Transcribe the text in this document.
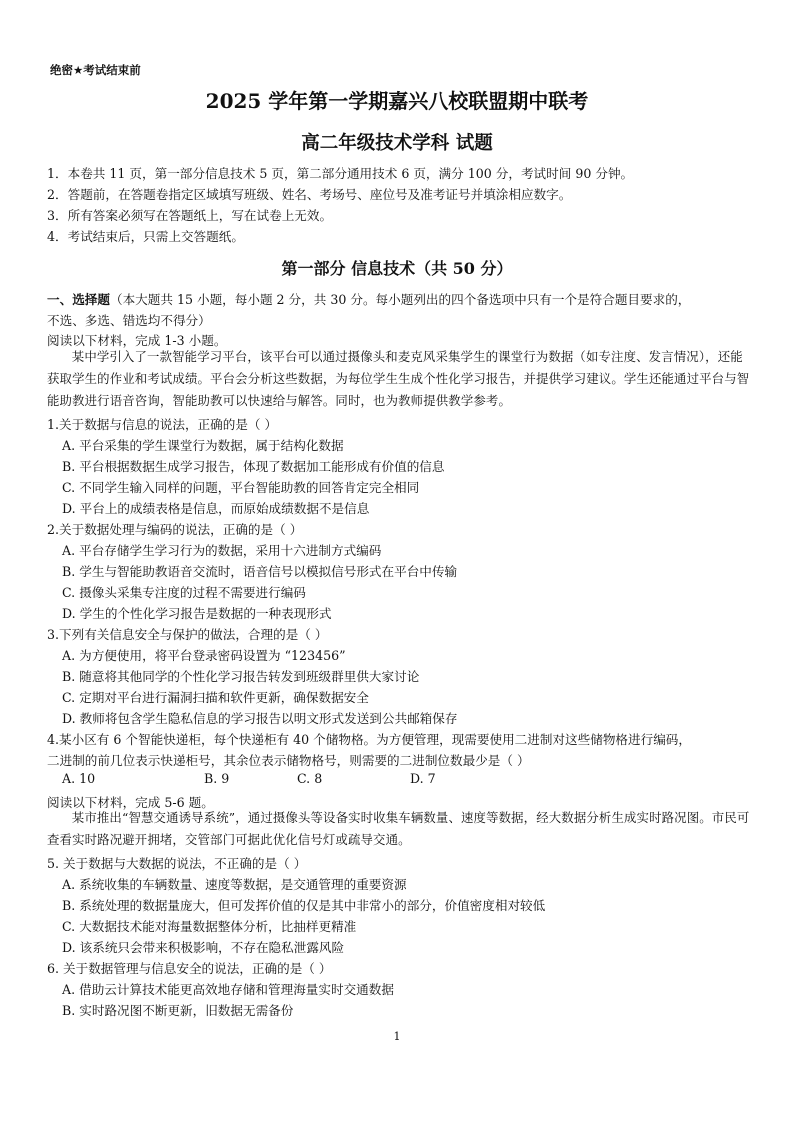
绝密★考试结束前
2025 学年第一学期嘉兴八校联盟期中联考
高二年级技术学科 试题
1．本卷共 11 页，第一部分信息技术 5 页，第二部分通用技术 6 页，满分 100 分，考试时间 90 分钟。
2．答题前，在答题卷指定区域填写班级、姓名、考场号、座位号及准考证号并填涂相应数字。
3．所有答案必须写在答题纸上，写在试卷上无效。
4．考试结束后，只需上交答题纸。
第一部分 信息技术（共 50 分）
一、选择题（本大题共 15 小题，每小题 2 分，共 30 分。每小题列出的四个备选项中只有一个是符合题目要求的，
不选、多选、错选均不得分）
阅读以下材料，完成 1-3 小题。
某中学引入了一款智能学习平台，该平台可以通过摄像头和麦克风采集学生的课堂行为数据（如专注度、发言情况），还能获取学生的作业和考试成绩。平台会分析这些数据，为每位学生生成个性化学习报告，并提供学习建议。学生还能通过平台与智能助教进行语音咨询，智能助教可以快速给与解答。同时，也为教师提供教学参考。
1.关于数据与信息的说法，正确的是（ ）
A. 平台采集的学生课堂行为数据，属于结构化数据
B. 平台根据数据生成学习报告，体现了数据加工能形成有价值的信息
C. 不同学生输入同样的问题，平台智能助教的回答肯定完全相同
D. 平台上的成绩表格是信息，而原始成绩数据不是信息
2.关于数据处理与编码的说法，正确的是（ ）
A. 平台存储学生学习行为的数据，采用十六进制方式编码
B. 学生与智能助教语音交流时，语音信号以模拟信号形式在平台中传输
C. 摄像头采集专注度的过程不需要进行编码
D. 学生的个性化学习报告是数据的一种表现形式
3.下列有关信息安全与保护的做法，合理的是（ ）
A. 为方便使用，将平台登录密码设置为 “123456”
B. 随意将其他同学的个性化学习报告转发到班级群里供大家讨论
C. 定期对平台进行漏洞扫描和软件更新，确保数据安全
D. 教师将包含学生隐私信息的学习报告以明文形式发送到公共邮箱保存
4.某小区有 6 个智能快递柜，每个快递柜有 40 个储物格。为方便管理，现需要使用二进制对这些储物格进行编码，
二进制的前几位表示快递柜号，其余位表示储物格号，则需要的二进制位数最少是（ ）
A. 10	B. 9	C. 8	D. 7
阅读以下材料，完成 5-6 题。
某市推出“智慧交通诱导系统”，通过摄像头等设备实时收集车辆数量、速度等数据，经大数据分析生成实时路况图。市民可查看实时路况避开拥堵，交管部门可据此优化信号灯或疏导交通。
5. 关于数据与大数据的说法，不正确的是（ ）
A. 系统收集的车辆数量、速度等数据，是交通管理的重要资源
B. 系统处理的数据量庞大，但可发挥价值的仅是其中非常小的部分，价值密度相对较低
C. 大数据技术能对海量数据整体分析，比抽样更精准
D. 该系统只会带来积极影响，不存在隐私泄露风险
6. 关于数据管理与信息安全的说法，正确的是（ ）
A. 借助云计算技术能更高效地存储和管理海量实时交通数据
B. 实时路况图不断更新，旧数据无需备份
1
